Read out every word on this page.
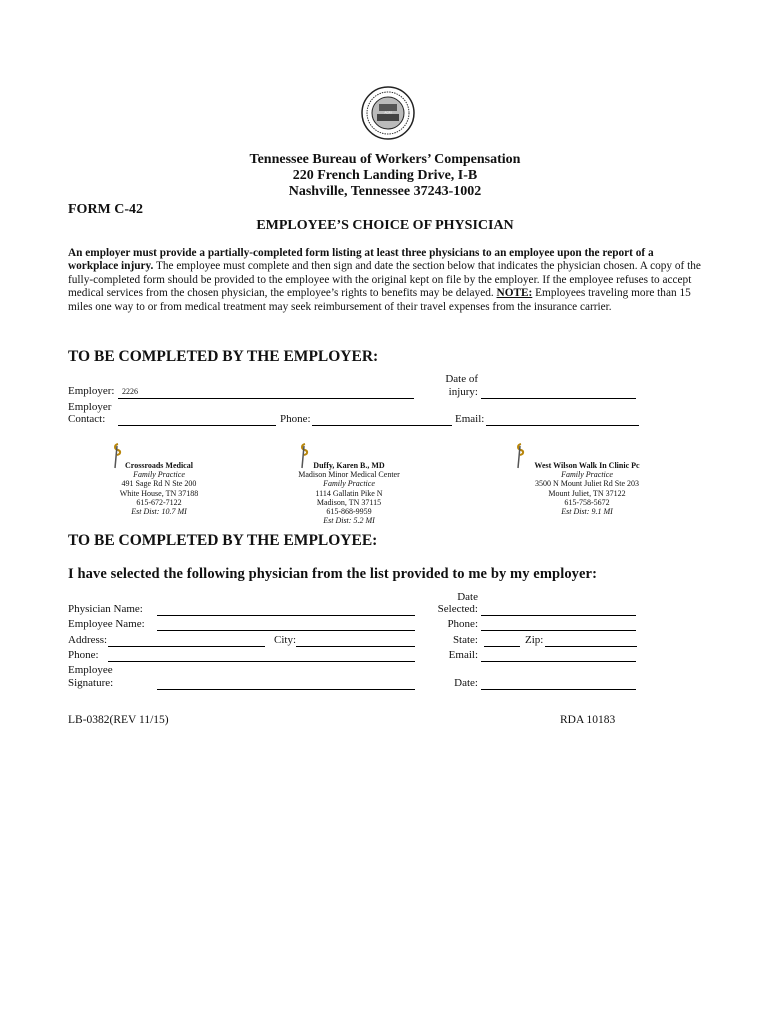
AGRI
Tennessee Bureau of Workers’ Compensation
220 French Landing Drive, I-B
Nashville, Tennessee 37243-1002
FORM C-42
EMPLOYEE’S CHOICE OF PHYSICIAN
An employer must provide a partially-completed form listing at least three physicians to an employee upon the report of a workplace injury. The employee must complete and then sign and date the section below that indicates the physician chosen. A copy of the fully-completed form should be provided to the employee with the original kept on file by the employer. If the employee refuses to accept medical services from the chosen physician, the employee’s rights to benefits may be delayed. NOTE: Employees traveling more than 15 miles one way to or from medical treatment may seek reimbursement of their travel expenses from the insurance carrier.
TO BE COMPLETED BY THE EMPLOYER:
Employer: 2226
Date of
injury:
Employer
Contact:	Phone:	Email:
Crossroads Medical
Family Practice
491 Sage Rd N Ste 200
White House, TN 37188
615-672-7122
Est Dist: 10.7 MI
Duffy, Karen B., MD
Madison Minor Medical Center
Family Practice
1114 Gallatin Pike N
Madison, TN 37115
615-868-9959
Est Dist: 5.2 MI
West Wilson Walk In Clinic Pc
Family Practice
3500 N Mount Juliet Rd Ste 203
Mount Juliet, TN 37122
615-758-5672
Est Dist: 9.1 MI
TO BE COMPLETED BY THE EMPLOYEE:
I have selected the following physician from the list provided to me by my employer:
Physician Name:
Date
Selected:
Employee Name:	Phone:
Address:	City:	State:	Zip:
Phone:	Email:
Employee
Signature:	Date:
LB-0382(REV 11/15)	RDA 10183
